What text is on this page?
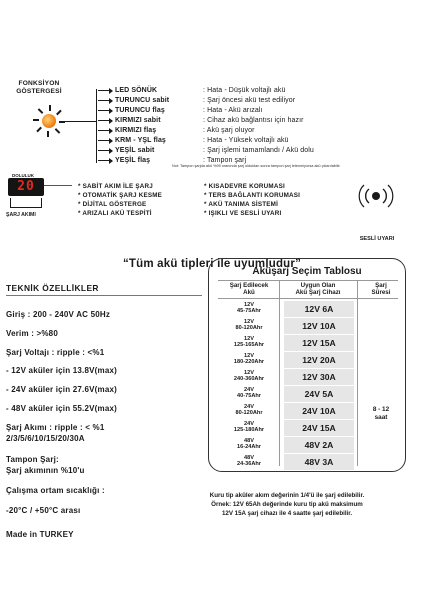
FONKSİYON
GÖSTERGESİ	LED SÖNÜK	: Hata - Düşük voltajlı akü
TURUNCU sabit	: Şarj öncesi akü test ediliyor
TURUNCU flaş	: Hata - Akü arızalı
KIRMIZI sabit	: Cihaz akü bağlantısı için hazır
KIRMIZI flaş	: Akü şarj oluyor
KRM - YŞL flaş	: Hata - Yüksek voltajlı akü
YEŞİL sabit	: Şarj işlemi tamamlandı / Akü dolu
YEŞİL flaş	: Tampon şarj
Not: Tampon şarjda akü %99 oranında şarj olduktan sonra tampon şarj letenmiyorsa akü çıkarılabilir.
DOLULUK
20
ŞARJ AKIMI
* SABİT AKIM İLE ŞARJ
* OTOMATİK ŞARJ KESME
* DİJİTAL GÖSTERGE
* ARIZALI AKÜ TESPİTİ
* KISADEVRE KORUMASI
* TERS BAĞLANTI KORUMASI
* AKÜ TANIMA SİSTEMİ
* IŞIKLI VE SESLİ UYARI
SESLİ UYARI
“Tüm akü tipleri ile uyumludur”
TEKNİK ÖZELLİKLER
Giriş : 200 - 240V AC 50Hz
Verim : >%80
Şarj Voltajı : ripple : <%1
- 12V aküler için 13.8V(max)
- 24V aküler için 27.6V(max)
- 48V aküler için 55.2V(max)
Şarj Akımı : ripple : < %1
2/3/5/6/10/15/20/30A
Tampon Şarj:
Şarj akımının %10'u
Çalışma ortam sıcaklığı :
-20°C / +50°C arası
Made in TURKEY
Aküşarj Seçim Tablosu
Şarj Edilecek
Akü
Uygun Olan
Akü Şarj Cihazı
Şarj
Süresi
12V
45-75Ahr	12V 6A
12V
80-120Ahr	12V 10A
12V
125-165Ahr	12V 15A
12V
180-220Ahr	12V 20A
12V
240-360Ahr	12V 30A
24V
40-75Ahr	24V 5A
24V
80-120Ahr	24V 10A
24V
125-180Ahr	24V 15A
48V
16-24Ahr	48V 2A
48V
24-36Ahr	48V 3A
8 - 12
saat
Kuru tip aküler akım değerinin 1/4'ü ile şarj edilebilir.
Örnek: 12V 65Ah değerinde kuru tip akü maksimum
12V 15A şarj cihazı ile 4 saatte şarj edilebilir.
